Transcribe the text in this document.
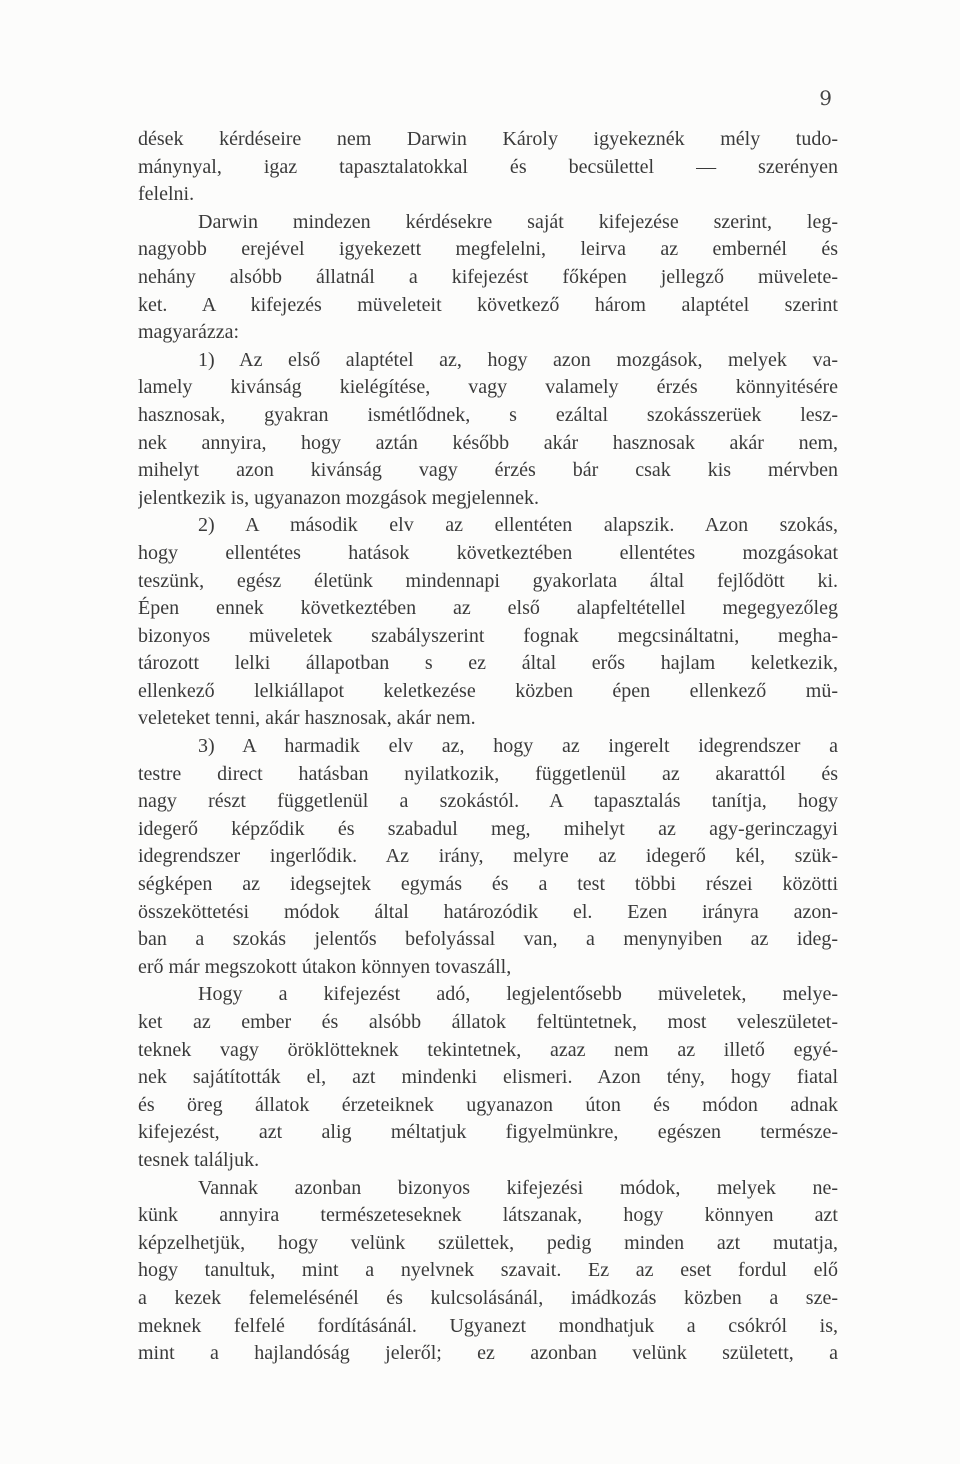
9
dések kérdéseire nem Darwin Károly igyekeznék mély tudo-
mánynyal, igaz tapasztalatokkal és becsülettel — szerényen
felelni.
Darwin mindezen kérdésekre saját kifejezése szerint, leg-
nagyobb erejével igyekezett megfelelni, leirva az embernél és
nehány alsóbb állatnál a kifejezést főképen jellegző müvelete-
ket. A kifejezés müveleteit következő három alaptétel szerint
magyarázza:
1) Az első alaptétel az, hogy azon mozgások, melyek va-
lamely kivánság kielégítése, vagy valamely érzés könnyitésére
hasznosak, gyakran ismétlődnek, s ezáltal szokásszerüek lesz-
nek annyira, hogy aztán később akár hasznosak akár nem,
mihelyt azon kivánság vagy érzés bár csak kis mérvben
jelentkezik is, ugyanazon mozgások megjelennek.
2) A második elv az ellentéten alapszik. Azon szokás,
hogy ellentétes hatások következtében ellentétes mozgásokat
teszünk, egész életünk mindennapi gyakorlata által fejlődött ki.
Épen ennek következtében az első alapfeltétellel megegyezőleg
bizonyos müveletek szabályszerint fognak megcsináltatni, megha-
tározott lelki állapotban s ez által erős hajlam keletkezik,
ellenkező lelkiállapot keletkezése közben épen ellenkező mü-
veleteket tenni, akár hasznosak, akár nem.
3) A harmadik elv az, hogy az ingerelt idegrendszer a
testre direct hatásban nyilatkozik, függetlenül az akarattól és
nagy részt függetlenül a szokástól. A tapasztalás tanítja, hogy
idegerő képződik és szabadul meg, mihelyt az agy-gerinczagyi
idegrendszer ingerlődik. Az irány, melyre az idegerő kél, szük-
ségképen az idegsejtek egymás és a test többi részei közötti
összeköttetési módok által határozódik el. Ezen irányra azon-
ban a szokás jelentős befolyással van, a menynyiben az ideg-
erő már megszokott útakon könnyen tovaszáll,
Hogy a kifejezést adó, legjelentősebb müveletek, melye-
ket az ember és alsóbb állatok feltüntetnek, most veleszületet-
teknek vagy öröklötteknek tekintetnek, azaz nem az illető egyé-
nek sajátították el, azt mindenki elismeri. Azon tény, hogy fiatal
és öreg állatok érzeteiknek ugyanazon úton és módon adnak
kifejezést, azt alig méltatjuk figyelmünkre, egészen természe-
tesnek találjuk.
Vannak azonban bizonyos kifejezési módok, melyek ne-
künk annyira természeteseknek látszanak, hogy könnyen azt
képzelhetjük, hogy velünk születtek, pedig minden azt mutatja,
hogy tanultuk, mint a nyelvnek szavait. Ez az eset fordul elő
a kezek felemelésénél és kulcsolásánál, imádkozás közben a sze-
meknek felfelé fordításánál. Ugyanezt mondhatjuk a csókról is,
mint a hajlandóság jeleről; ez azonban velünk született, a
